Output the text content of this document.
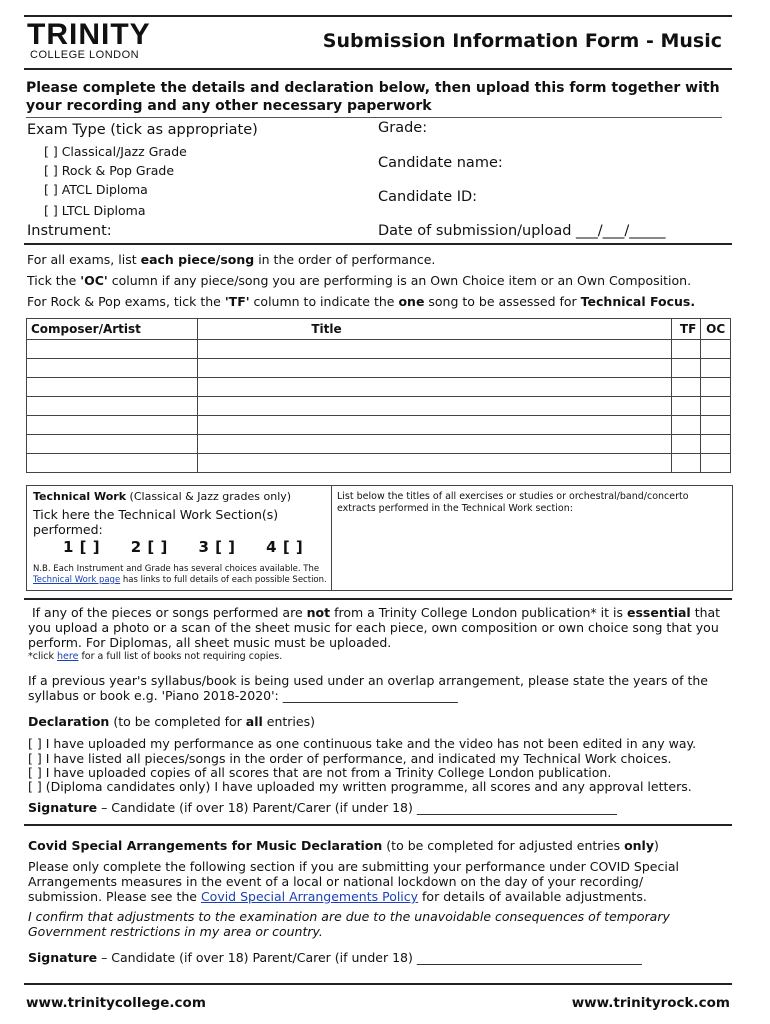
TRINITY
COLLEGE LONDON
Submission Information Form - Music
Please complete the details and declaration below, then upload this form together with your recording and any other necessary paperwork
Exam Type (tick as appropriate)
[ ] Classical/Jazz Grade
[ ] Rock & Pop Grade
[ ] ATCL Diploma
[ ] LTCL Diploma
Instrument:
Grade:
Candidate name:
Candidate ID:
Date of submission/upload ___/___/_____
For all exams, list each piece/song in the order of performance.
Tick the 'OC' column if any piece/song you are performing is an Own Choice item or an Own Composition.
For Rock & Pop exams, tick the 'TF' column to indicate the one song to be assessed for Technical Focus.
Composer/Artist	Title	TF	OC

Technical Work (Classical & Jazz grades only)
Tick here the Technical Work Section(s) performed:
1 [ ] 2 [ ] 3 [ ] 4 [ ]
N.B. Each Instrument and Grade has several choices available. The
Technical Work page has links to full details of each possible Section.
List below the titles of all exercises or studies or orchestral/band/concerto extracts performed in the Technical Work section:
If any of the pieces or songs performed are not from a Trinity College London publication* it is essential that you upload a photo or a scan of the sheet music for each piece, own composition or own choice song that you perform. For Diplomas, all sheet music must be uploaded.
*click here for a full list of books not requiring copies.
If a previous year's syllabus/book is being used under an overlap arrangement, please state the years of the syllabus or book e.g. 'Piano 2018-2020': ____________________________
Declaration (to be completed for all entries)
[ ] I have uploaded my performance as one continuous take and the video has not been edited in any way.
[ ] I have listed all pieces/songs in the order of performance, and indicated my Technical Work choices.
[ ] I have uploaded copies of all scores that are not from a Trinity College London publication.
[ ] (Diploma candidates only) I have uploaded my written programme, all scores and any approval letters.
Signature – Candidate (if over 18) Parent/Carer (if under 18) ________________________________
Covid Special Arrangements for Music Declaration (to be completed for adjusted entries only)
Please only complete the following section if you are submitting your performance under COVID Special Arrangements measures in the event of a local or national lockdown on the day of your recording/ submission. Please see the Covid Special Arrangements Policy for details of available adjustments.
I confirm that adjustments to the examination are due to the unavoidable consequences of temporary Government restrictions in my area or country.
Signature – Candidate (if over 18) Parent/Carer (if under 18) ____________________________________
www.trinitycollege.com	www.trinityrock.com
